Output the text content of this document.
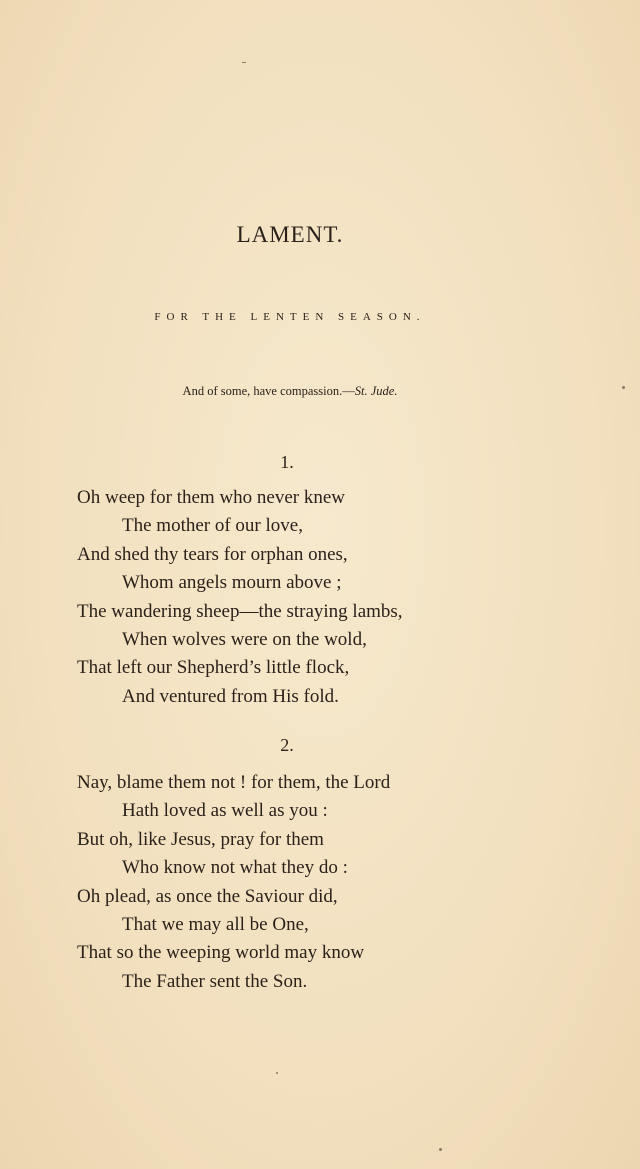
LAMENT.
FOR THE LENTEN SEASON.
And of some, have compassion.—St. Jude.
1.
Oh weep for them who never knew
The mother of our love,
And shed thy tears for orphan ones,
Whom angels mourn above ;
The wandering sheep—the straying lambs,
When wolves were on the wold,
That left our Shepherd’s little flock,
And ventured from His fold.
2.
Nay, blame them not ! for them, the Lord
Hath loved as well as you :
But oh, like Jesus, pray for them
Who know not what they do :
Oh plead, as once the Saviour did,
That we may all be One,
That so the weeping world may know
The Father sent the Son.
